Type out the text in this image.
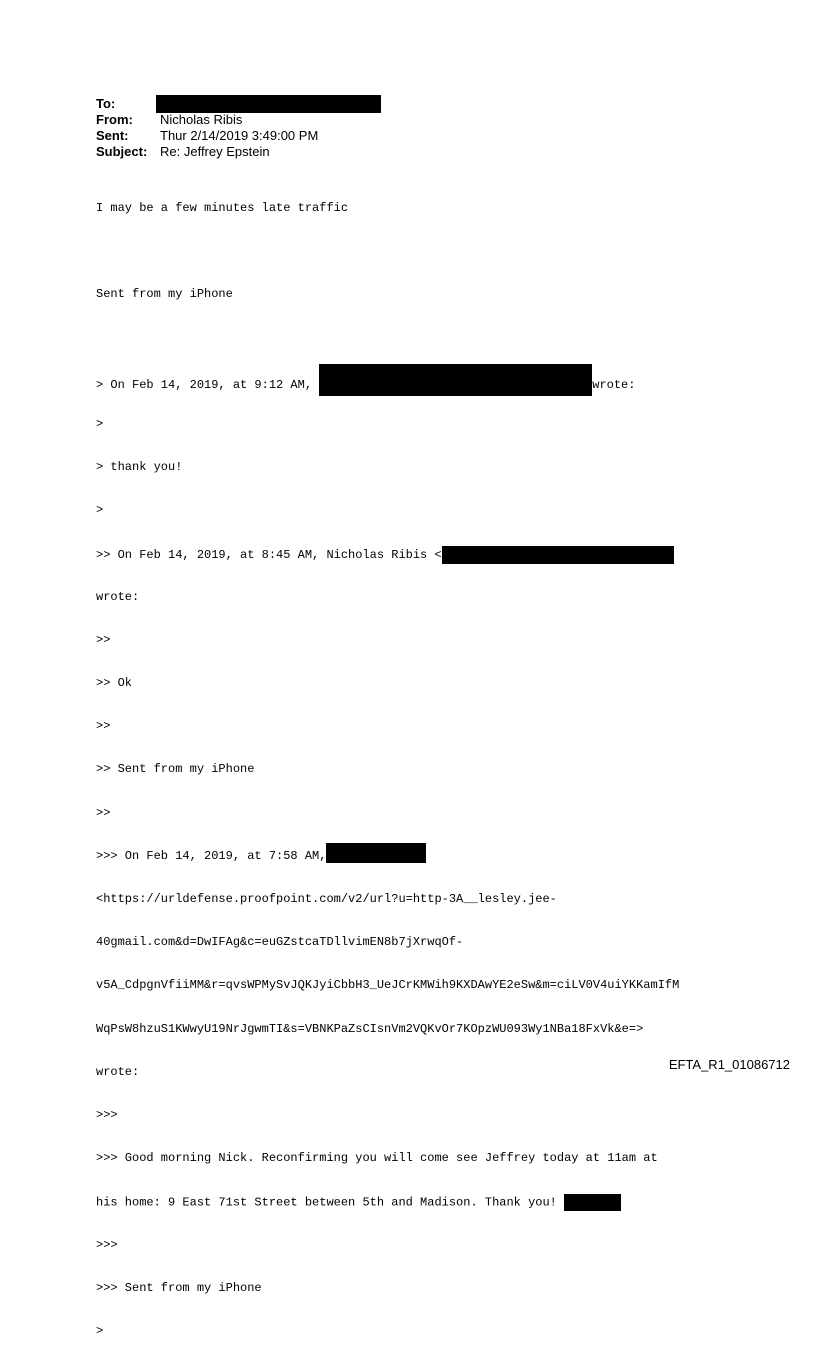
To:
From:	Nicholas Ribis
Sent:	Thur 2/14/2019 3:49:00 PM
Subject: Re: Jeffrey Epstein

I may be a few minutes late traffic

Sent from my iPhone

> On Feb 14, 2019, at 9:12 AM,	wrote:

>

> thank you!

>

>> On Feb 14, 2019, at 8:45 AM, Nicholas Ribis <

wrote:

>>

>> Ok

>>

>> Sent from my iPhone

>>

>>> On Feb 14, 2019, at 7:58 AM,

<https://urldefense.proofpoint.com/v2/url?u=http-3A__lesley.jee-

40gmail.com&d=DwIFAg&c=euGZstcaTDllvimEN8b7jXrwqOf-

v5A_CdpgnVfiiMM&r=qvsWPMySvJQKJyiCbbH3_UeJCrKMWih9KXDAwYE2eSw&m=ciLV0V4uiYKKamIfM

WqPsW8hzuS1KWwyU19NrJgwmTI&s=VBNKPaZsCIsnVm2VQKvOr7KOpzWU093Wy1NBa18FxVk&e=>

wrote:

>>>

>>> Good morning Nick. Reconfirming you will come see Jeffrey today at 11am at

his home: 9 East 71st Street between 5th and Madison. Thank you!

>>>

>>> Sent from my iPhone

>

EFTA_R1_01086712
